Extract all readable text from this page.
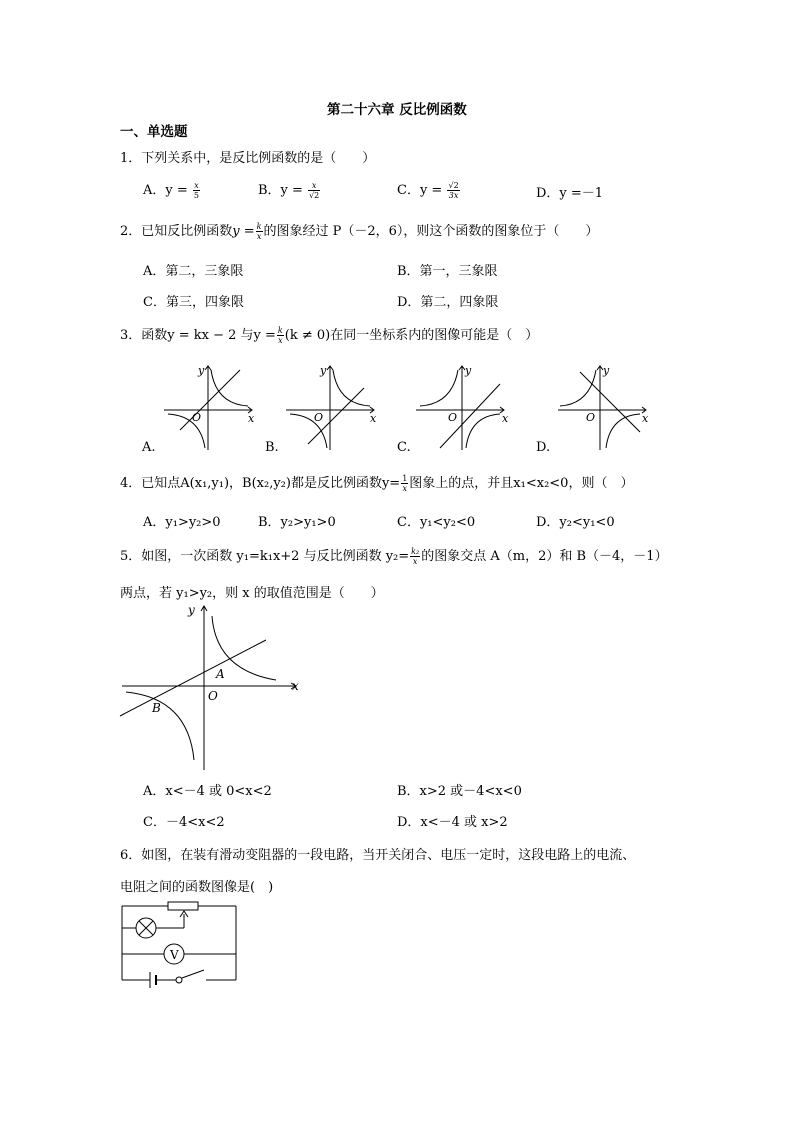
第二十六章 反比例函数
一、单选题
1．下列关系中，是反比例函数的是（　　）
A．$y = \frac{x}{5}$	B．$y = \frac{x}{√2}$	C．$y = \frac{√2}{3x}$	D．y =－1
2．已知反比例函数$y = \frac{k}{x}$ 的图象经过 P（－2，6），则这个函数的图象位于（　　）
A．第二，三象限	B．第一，三象限
C．第三，四象限	D．第二，四象限
3．函数y = kx − 2 与$y = \frac{k}{x} (k \ne 0)$在同一坐标系内的图像可能是（　）
O	x
y
O	x
y
O	x
y
O	x
y
A.	B.	C.	D.
4．已知点A(x₁,y₁)，B(x₂,y₂)都是反比例函数$y= \frac{1}{x}$ 图象上的点，并且x₁<x₂<0，则（　）
A．y₁>y₂>0	B．y₂>y₁>0	C．y₁<y₂<0	D．y₂<y₁<0
5．如图，一次函数 y₁=k₁x+2 与反比例函数 $y_2= \frac{\text{k₂}}{x}$ 的图象交点 A（m，2）和 B（－4，－1）
两点，若 y₁>y₂，则 x 的取值范围是（　　）
A
B
O
x
y
A．x<－4 或 0<x<2	B．x>2 或－4<x<0
C．－4<x<2	D．x<－4 或 x>2
6．如图，在装有滑动变阻器的一段电路，当开关闭合、电压一定时，这段电路上的电流、
电阻之间的函数图像是(　)
V
